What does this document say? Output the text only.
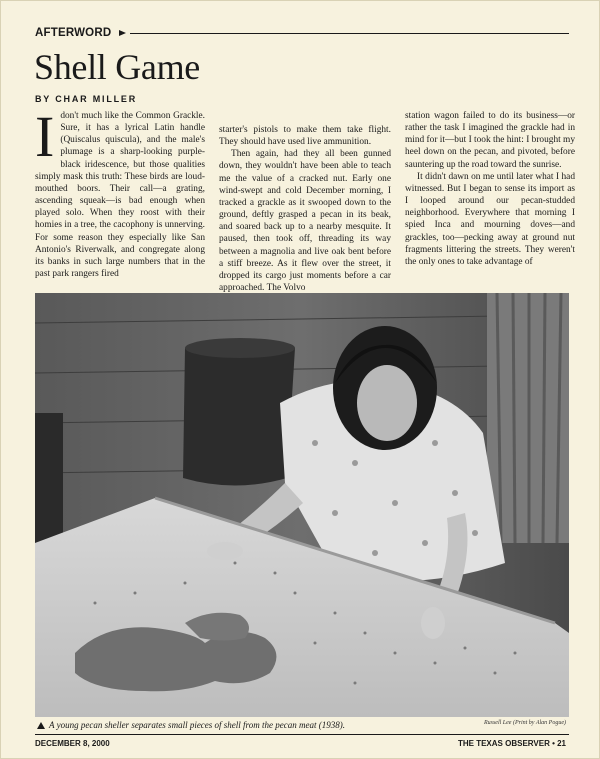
AFTERWORD
Shell Game
BY CHAR MILLER
I don't much like the Common Grackle. Sure, it has a lyrical Latin handle (Quiscalus quiscula), and the male's plumage is a sharp-looking purple-black iridescence, but those qualities simply mask this truth: These birds are loud-mouthed boors. Their call—a grating, ascending squeak—is bad enough when played solo. When they roost with their homies in a tree, the cacophony is unnerving. For some reason they especially like San Antonio's Riverwalk, and congregate along its banks in such large numbers that in the past park rangers fired

starter's pistols to make them take flight. They should have used live ammunition.

Then again, had they all been gunned down, they wouldn't have been able to teach me the value of a cracked nut. Early one wind-swept and cold December morning, I tracked a grackle as it swooped down to the ground, deftly grasped a pecan in its beak, and soared back up to a nearby mesquite. It paused, then took off, threading its way between a magnolia and live oak bent before a stiff breeze. As it flew over the street, it dropped its cargo just moments before a car approached. The Volvo

station wagon failed to do its business—or rather the task I imagined the grackle had in mind for it—but I took the hint: I brought my heel down on the pecan, and pivoted, before sauntering up the road toward the sunrise.

It didn't dawn on me until later what I had witnessed. But I began to sense its import as I looped around our pecan-studded neighborhood. Everywhere that morning I spied Inca and mourning doves—and grackles, too—pecking away at ground nut fragments littering the streets. They weren't the only ones to take advantage of

A young pecan sheller separates small pieces of shell from the pecan meat (1938).	Russell Lee (Print by Alan Pogue)
DECEMBER 8, 2000	THE TEXAS OBSERVER • 21
